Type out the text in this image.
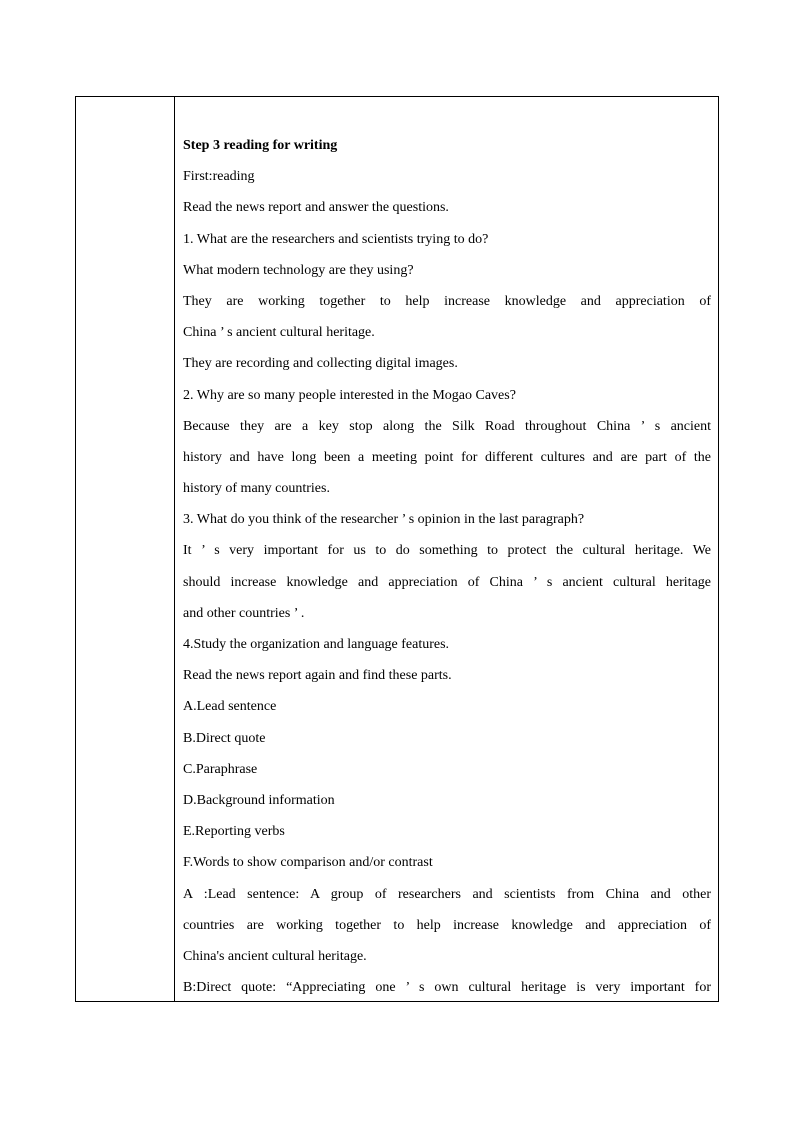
Step 3 reading for writing
First:reading
Read the news report and answer the questions.
1. What are the researchers and scientists trying to do?
What modern technology are they using?
They are working together to help increase knowledge and appreciation of
China ’ s ancient cultural heritage.
They are recording and collecting digital images.
2. Why are so many people interested in the Mogao Caves?
Because they are a key stop along the Silk Road throughout China ’ s ancient
history and have long been a meeting point for different cultures and are part of the
history of many countries.
3. What do you think of the researcher ’ s opinion in the last paragraph?
It ’ s very important for us to do something to protect the cultural heritage. We
should increase knowledge and appreciation of China ’ s ancient cultural heritage
and other countries ’ .
4.Study the organization and language features.
Read the news report again and find these parts.
A.Lead sentence
B.Direct quote
C.Paraphrase
D.Background information
E.Reporting verbs
F.Words to show comparison and/or contrast
A :Lead sentence: A group of researchers and scientists from China and other
countries are working together to help increase knowledge and appreciation of
China's ancient cultural heritage.
B:Direct quote: “Appreciating one ’ s own cultural heritage is very important for
